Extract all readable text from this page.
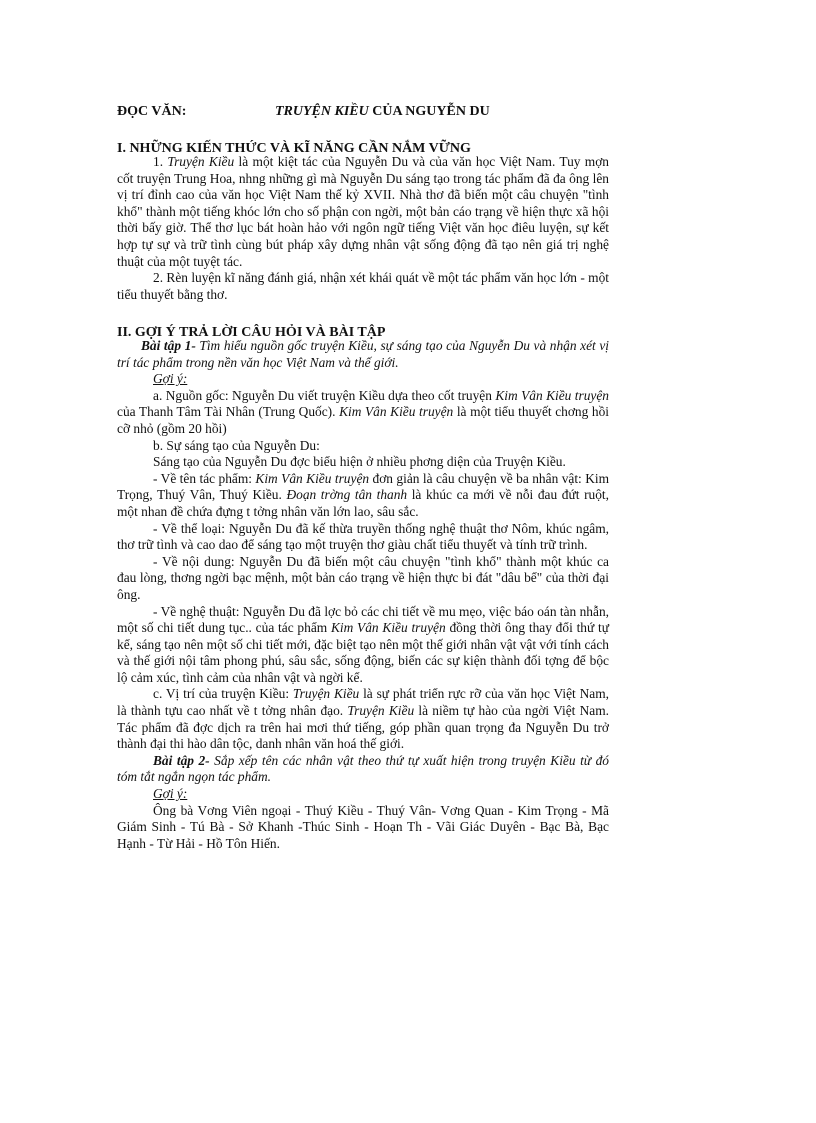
ĐỌC VĂN:	TRUYỆN KIỀU CỦA NGUYỄN DU
I. NHỮNG KIẾN THỨC VÀ KĨ NĂNG CẦN NẮM VỮNG

1. Truyện Kiều là một kiệt tác của Nguyễn Du và của văn học Việt Nam. Tuy mợn cốt truyện Trung Hoa, nhng những gì mà Nguyễn Du sáng tạo trong tác phẩm đã đa ông lên vị trí đỉnh cao của văn học Việt Nam thế kỷ XVII. Nhà thơ đã biến một câu chuyện "tình khổ" thành một tiếng khóc lớn cho số phận con ngời, một bản cáo trạng về hiện thực xã hội thời bấy giờ. Thể thơ lục bát hoàn hảo với ngôn ngữ tiếng Việt văn học điêu luyện, sự kết hợp tự sự và trữ tình cùng bút pháp xây dựng nhân vật sống động đã tạo nên giá trị nghệ thuật của một tuyệt tác.

2. Rèn luyện kĩ năng đánh giá, nhận xét khái quát về một tác phẩm văn học lớn - một tiểu thuyết bằng thơ.

II. GỢI Ý TRẢ LỜI CÂU HỎI VÀ BÀI TẬP

Bài tập 1- Tìm hiểu nguồn gốc truyện Kiều, sự sáng tạo của Nguyễn Du và nhận xét vị trí tác phẩm trong nền văn học Việt Nam và thế giới.

Gợi ý:

a. Nguồn gốc: Nguyễn Du viết truyện Kiều dựa theo cốt truyện Kim Vân Kiều truyện của Thanh Tâm Tài Nhân (Trung Quốc). Kim Vân Kiều truyện là một tiểu thuyết chơng hồi cỡ nhỏ (gồm 20 hồi)

b. Sự sáng tạo của Nguyễn Du:

Sáng tạo của Nguyễn Du đợc biểu hiện ở nhiều phơng diện của Truyện Kiều.

- Về tên tác phẩm: Kim Vân Kiều truyện đơn giản là câu chuyện về ba nhân vật: Kim Trọng, Thuý Vân, Thuý Kiều. Đoạn trờng tân thanh là khúc ca mới về nỗi đau đứt ruột, một nhan đề chứa đựng t tởng nhân văn lớn lao, sâu sắc.

- Về thể loại: Nguyễn Du đã kế thừa truyền thống nghệ thuật thơ Nôm, khúc ngâm, thơ trữ tình và cao dao để sáng tạo một truyện thơ giàu chất tiểu thuyết và tính trữ trình.

- Về nội dung: Nguyễn Du đã biến một câu chuyện "tình khổ" thành một khúc ca đau lòng, thơng ngời bạc mệnh, một bản cáo trạng về hiện thực bi đát "dâu bể" của thời đại ông.

- Về nghệ thuật: Nguyễn Du đã lợc bỏ các chi tiết về mu mẹo, việc báo oán tàn nhẫn, một số chi tiết dung tục.. của tác phẩm Kim Vân Kiều truyện đồng thời ông thay đổi thứ tự kể, sáng tạo nên một số chi tiết mới, đặc biệt tạo nên một thế giới nhân vật vật với tính cách và thế giới nội tâm phong phú, sâu sắc, sống động, biến các sự kiện thành đối tợng để bộc lộ cảm xúc, tình cảm của nhân vật và ngời kể.

c. Vị trí của truyện Kiều: Truyện Kiều là sự phát triển rực rỡ của văn học Việt Nam, là thành tựu cao nhất về t tởng nhân đạo. Truyện Kiều là niềm tự hào của ngời Việt Nam. Tác phẩm đã đợc dịch ra trên hai mơi thứ tiếng, góp phần quan trọng đa Nguyễn Du trở thành đại thi hào dân tộc, danh nhân văn hoá thế giới.

Bài tập 2- Sắp xếp tên các nhân vật theo thứ tự xuất hiện trong truyện Kiều từ đó tóm tắt ngắn ngọn tác phẩm.

Gợi ý:

Ông bà Vơng Viên ngoại - Thuý Kiều - Thuý Vân- Vơng Quan - Kim Trọng - Mã Giám Sinh - Tú Bà - Sở Khanh -Thúc Sinh - Hoạn Th - Vãi Giác Duyên - Bạc Bà, Bạc Hạnh - Từ Hải - Hồ Tôn Hiến.
